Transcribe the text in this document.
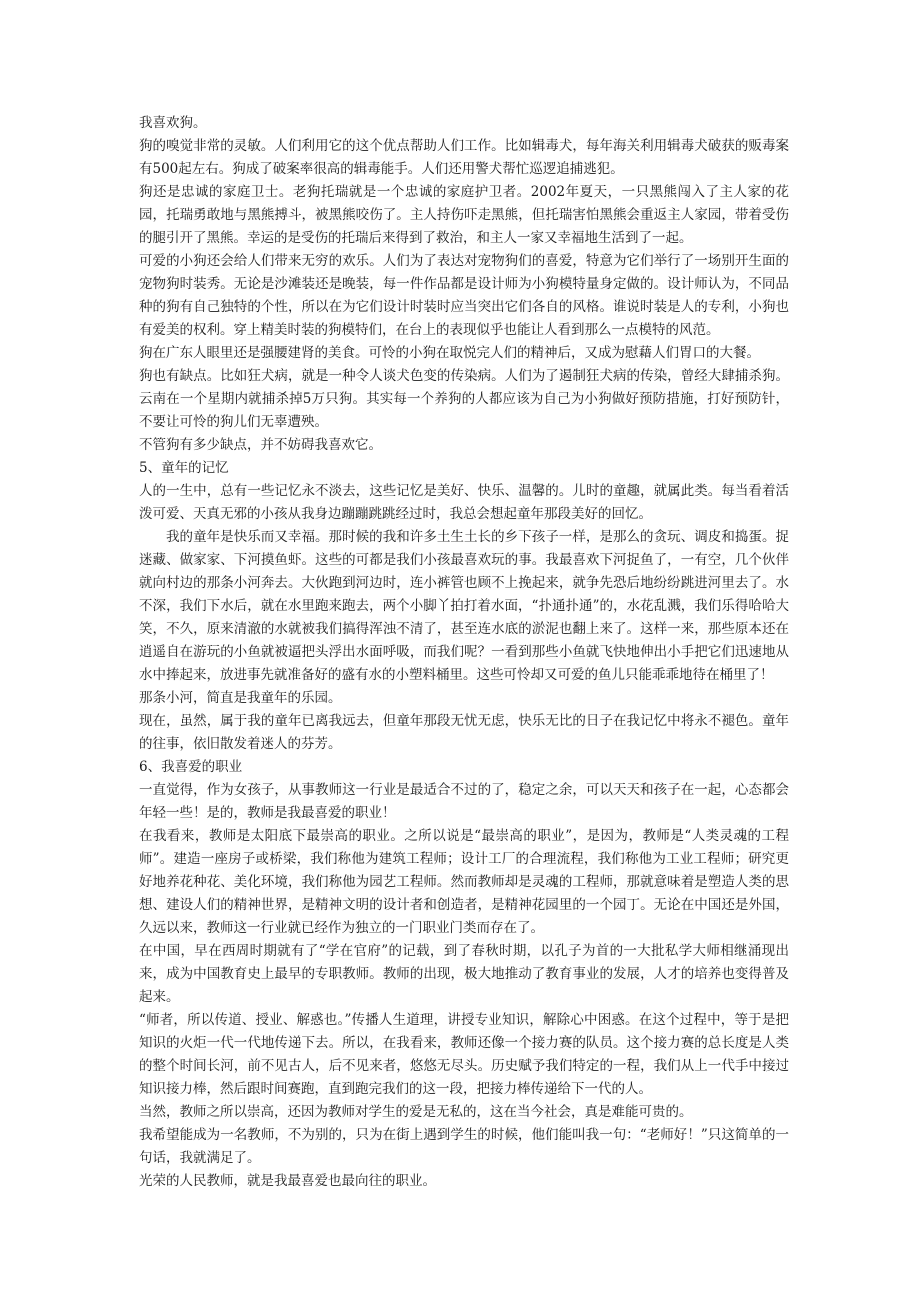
我喜欢狗。

狗的嗅觉非常的灵敏。人们利用它的这个优点帮助人们工作。比如辑毒犬，每年海关利用辑毒犬破获的贩毒案有500起左右。狗成了破案率很高的辑毒能手。人们还用警犬帮忙巡逻追捕逃犯。

狗还是忠诚的家庭卫士。老狗托瑞就是一个忠诚的家庭护卫者。2002年夏天，一只黑熊闯入了主人家的花园，托瑞勇敢地与黑熊搏斗，被黑熊咬伤了。主人持伤吓走黑熊，但托瑞害怕黑熊会重返主人家园，带着受伤的腿引开了黑熊。幸运的是受伤的托瑞后来得到了救治，和主人一家又幸福地生活到了一起。

可爱的小狗还会给人们带来无穷的欢乐。人们为了表达对宠物狗们的喜爱，特意为它们举行了一场别开生面的宠物狗时装秀。无论是沙滩装还是晚装，每一件作品都是设计师为小狗模特量身定做的。设计师认为，不同品种的狗有自己独特的个性，所以在为它们设计时装时应当突出它们各自的风格。谁说时装是人的专利，小狗也有爱美的权利。穿上精美时装的狗模特们，在台上的表现似乎也能让人看到那么一点模特的风范。

狗在广东人眼里还是强腰建肾的美食。可怜的小狗在取悦完人们的精神后，又成为慰藉人们胃口的大餐。

狗也有缺点。比如狂犬病，就是一种令人谈犬色变的传染病。人们为了遏制狂犬病的传染，曾经大肆捕杀狗。云南在一个星期内就捕杀掉5万只狗。其实每一个养狗的人都应该为自己为小狗做好预防措施，打好预防针，不要让可怜的狗儿们无辜遭殃。

不管狗有多少缺点，并不妨碍我喜欢它。

5、童年的记忆

人的一生中，总有一些记忆永不淡去，这些记忆是美好、快乐、温馨的。儿时的童趣，就属此类。每当看着活泼可爱、天真无邪的小孩从我身边蹦蹦跳跳经过时，我总会想起童年那段美好的回忆。

我的童年是快乐而又幸福。那时候的我和许多土生土长的乡下孩子一样，是那么的贪玩、调皮和捣蛋。捉迷藏、做家家、下河摸鱼虾。这些的可都是我们小孩最喜欢玩的事。我最喜欢下河捉鱼了，一有空，几个伙伴就向村边的那条小河奔去。大伙跑到河边时，连小裤管也顾不上挽起来，就争先恐后地纷纷跳进河里去了。水不深，我们下水后，就在水里跑来跑去，两个小脚丫拍打着水面，“扑通扑通”的，水花乱溅，我们乐得哈哈大笑，不久，原来清澈的水就被我们搞得浑浊不清了，甚至连水底的淤泥也翻上来了。这样一来，那些原本还在逍遥自在游玩的小鱼就被逼把头浮出水面呼吸，而我们呢？一看到那些小鱼就飞快地伸出小手把它们迅速地从水中捧起来，放进事先就准备好的盛有水的小塑料桶里。这些可怜却又可爱的鱼儿只能乖乖地待在桶里了！

那条小河，简直是我童年的乐园。

现在，虽然，属于我的童年已离我远去，但童年那段无忧无虑，快乐无比的日子在我记忆中将永不褪色。童年的往事，依旧散发着迷人的芬芳。

6、我喜爱的职业

一直觉得，作为女孩子，从事教师这一行业是最适合不过的了，稳定之余，可以天天和孩子在一起，心态都会年轻一些！是的，教师是我最喜爱的职业！

在我看来，教师是太阳底下最崇高的职业。之所以说是“最崇高的职业”，是因为，教师是“人类灵魂的工程师”。建造一座房子或桥梁，我们称他为建筑工程师；设计工厂的合理流程，我们称他为工业工程师；研究更好地养花种花、美化环境，我们称他为园艺工程师。然而教师却是灵魂的工程师，那就意味着是塑造人类的思想、建设人们的精神世界，是精神文明的设计者和创造者，是精神花园里的一个园丁。无论在中国还是外国，久远以来，教师这一行业就已经作为独立的一门职业门类而存在了。

在中国，早在西周时期就有了“学在官府”的记载，到了春秋时期，以孔子为首的一大批私学大师相继涌现出来，成为中国教育史上最早的专职教师。教师的出现，极大地推动了教育事业的发展，人才的培养也变得普及起来。

“师者，所以传道、授业、解惑也。”传播人生道理，讲授专业知识，解除心中困惑。在这个过程中，等于是把知识的火炬一代一代地传递下去。所以，在我看来，教师还像一个接力赛的队员。这个接力赛的总长度是人类的整个时间长河，前不见古人，后不见来者，悠悠无尽头。历史赋予我们特定的一程，我们从上一代手中接过知识接力棒，然后跟时间赛跑，直到跑完我们的这一段，把接力棒传递给下一代的人。

当然，教师之所以崇高，还因为教师对学生的爱是无私的，这在当今社会，真是难能可贵的。

我希望能成为一名教师，不为别的，只为在街上遇到学生的时候，他们能叫我一句：“老师好！”只这简单的一句话，我就满足了。

光荣的人民教师，就是我最喜爱也最向往的职业。
